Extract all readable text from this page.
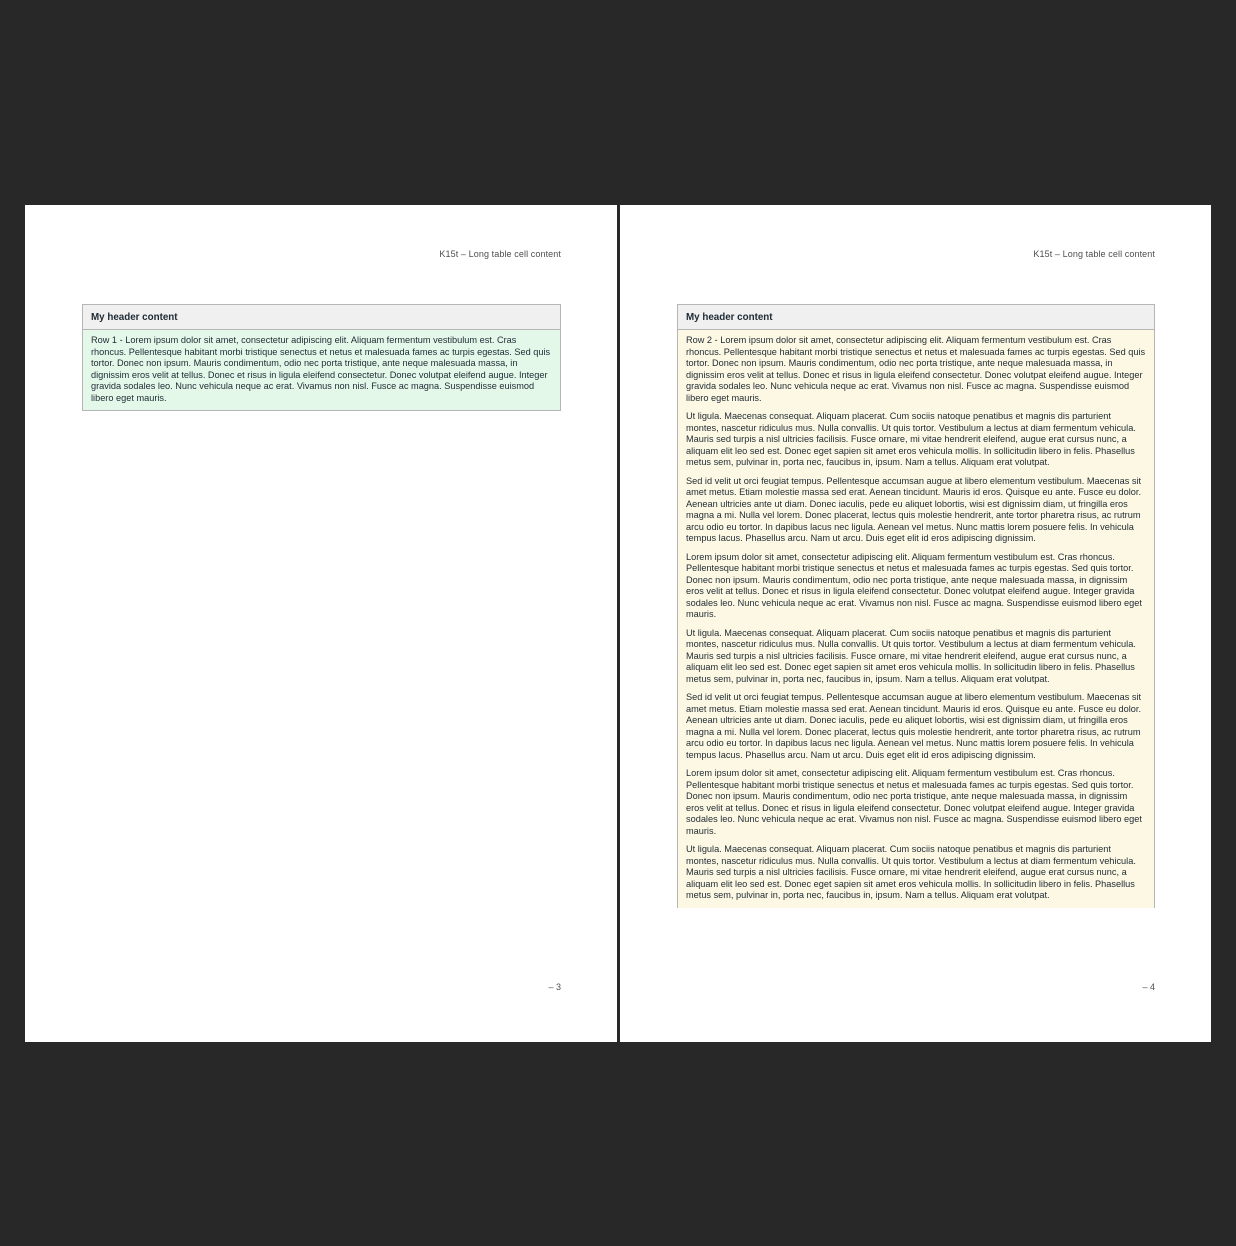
K15t – Long table cell content
My header content

Row 1 - Lorem ipsum dolor sit amet, consectetur adipiscing elit. Aliquam fermentum vestibulum est. Cras rhoncus. Pellentesque habitant morbi tristique senectus et netus et malesuada fames ac turpis egestas. Sed quis tortor. Donec non ipsum. Mauris condimentum, odio nec porta tristique, ante neque malesuada massa, in dignissim eros velit at tellus. Donec et risus in ligula eleifend consectetur. Donec volutpat eleifend augue. Integer gravida sodales leo. Nunc vehicula neque ac erat. Vivamus non nisl. Fusce ac magna. Suspendisse euismod libero eget mauris.

– 3
K15t – Long table cell content
My header content

Row 2 - Lorem ipsum dolor sit amet, consectetur adipiscing elit. Aliquam fermentum vestibulum est. Cras rhoncus. Pellentesque habitant morbi tristique senectus et netus et malesuada fames ac turpis egestas. Sed quis tortor. Donec non ipsum. Mauris condimentum, odio nec porta tristique, ante neque malesuada massa, in dignissim eros velit at tellus. Donec et risus in ligula eleifend consectetur. Donec volutpat eleifend augue. Integer gravida sodales leo. Nunc vehicula neque ac erat. Vivamus non nisl. Fusce ac magna. Suspendisse euismod libero eget mauris.

Ut ligula. Maecenas consequat. Aliquam placerat. Cum sociis natoque penatibus et magnis dis parturient montes, nascetur ridiculus mus. Nulla convallis. Ut quis tortor. Vestibulum a lectus at diam fermentum vehicula. Mauris sed turpis a nisl ultricies facilisis. Fusce ornare, mi vitae hendrerit eleifend, augue erat cursus nunc, a aliquam elit leo sed est. Donec eget sapien sit amet eros vehicula mollis. In sollicitudin libero in felis. Phasellus metus sem, pulvinar in, porta nec, faucibus in, ipsum. Nam a tellus. Aliquam erat volutpat.

Sed id velit ut orci feugiat tempus. Pellentesque accumsan augue at libero elementum vestibulum. Maecenas sit amet metus. Etiam molestie massa sed erat. Aenean tincidunt. Mauris id eros. Quisque eu ante. Fusce eu dolor. Aenean ultricies ante ut diam. Donec iaculis, pede eu aliquet lobortis, wisi est dignissim diam, ut fringilla eros magna a mi. Nulla vel lorem. Donec placerat, lectus quis molestie hendrerit, ante tortor pharetra risus, ac rutrum arcu odio eu tortor. In dapibus lacus nec ligula. Aenean vel metus. Nunc mattis lorem posuere felis. In vehicula tempus lacus. Phasellus arcu. Nam ut arcu. Duis eget elit id eros adipiscing dignissim.

Lorem ipsum dolor sit amet, consectetur adipiscing elit. Aliquam fermentum vestibulum est. Cras rhoncus. Pellentesque habitant morbi tristique senectus et netus et malesuada fames ac turpis egestas. Sed quis tortor. Donec non ipsum. Mauris condimentum, odio nec porta tristique, ante neque malesuada massa, in dignissim eros velit at tellus. Donec et risus in ligula eleifend consectetur. Donec volutpat eleifend augue. Integer gravida sodales leo. Nunc vehicula neque ac erat. Vivamus non nisl. Fusce ac magna. Suspendisse euismod libero eget mauris.

Ut ligula. Maecenas consequat. Aliquam placerat. Cum sociis natoque penatibus et magnis dis parturient montes, nascetur ridiculus mus. Nulla convallis. Ut quis tortor. Vestibulum a lectus at diam fermentum vehicula. Mauris sed turpis a nisl ultricies facilisis. Fusce ornare, mi vitae hendrerit eleifend, augue erat cursus nunc, a aliquam elit leo sed est. Donec eget sapien sit amet eros vehicula mollis. In sollicitudin libero in felis. Phasellus metus sem, pulvinar in, porta nec, faucibus in, ipsum. Nam a tellus. Aliquam erat volutpat.

Sed id velit ut orci feugiat tempus. Pellentesque accumsan augue at libero elementum vestibulum. Maecenas sit amet metus. Etiam molestie massa sed erat. Aenean tincidunt. Mauris id eros. Quisque eu ante. Fusce eu dolor. Aenean ultricies ante ut diam. Donec iaculis, pede eu aliquet lobortis, wisi est dignissim diam, ut fringilla eros magna a mi. Nulla vel lorem. Donec placerat, lectus quis molestie hendrerit, ante tortor pharetra risus, ac rutrum arcu odio eu tortor. In dapibus lacus nec ligula. Aenean vel metus. Nunc mattis lorem posuere felis. In vehicula tempus lacus. Phasellus arcu. Nam ut arcu. Duis eget elit id eros adipiscing dignissim.

Lorem ipsum dolor sit amet, consectetur adipiscing elit. Aliquam fermentum vestibulum est. Cras rhoncus. Pellentesque habitant morbi tristique senectus et netus et malesuada fames ac turpis egestas. Sed quis tortor. Donec non ipsum. Mauris condimentum, odio nec porta tristique, ante neque malesuada massa, in dignissim eros velit at tellus. Donec et risus in ligula eleifend consectetur. Donec volutpat eleifend augue. Integer gravida sodales leo. Nunc vehicula neque ac erat. Vivamus non nisl. Fusce ac magna. Suspendisse euismod libero eget mauris.

Ut ligula. Maecenas consequat. Aliquam placerat. Cum sociis natoque penatibus et magnis dis parturient montes, nascetur ridiculus mus. Nulla convallis. Ut quis tortor. Vestibulum a lectus at diam fermentum vehicula. Mauris sed turpis a nisl ultricies facilisis. Fusce ornare, mi vitae hendrerit eleifend, augue erat cursus nunc, a aliquam elit leo sed est. Donec eget sapien sit amet eros vehicula mollis. In sollicitudin libero in felis. Phasellus metus sem, pulvinar in, porta nec, faucibus in, ipsum. Nam a tellus. Aliquam erat volutpat.

– 4
